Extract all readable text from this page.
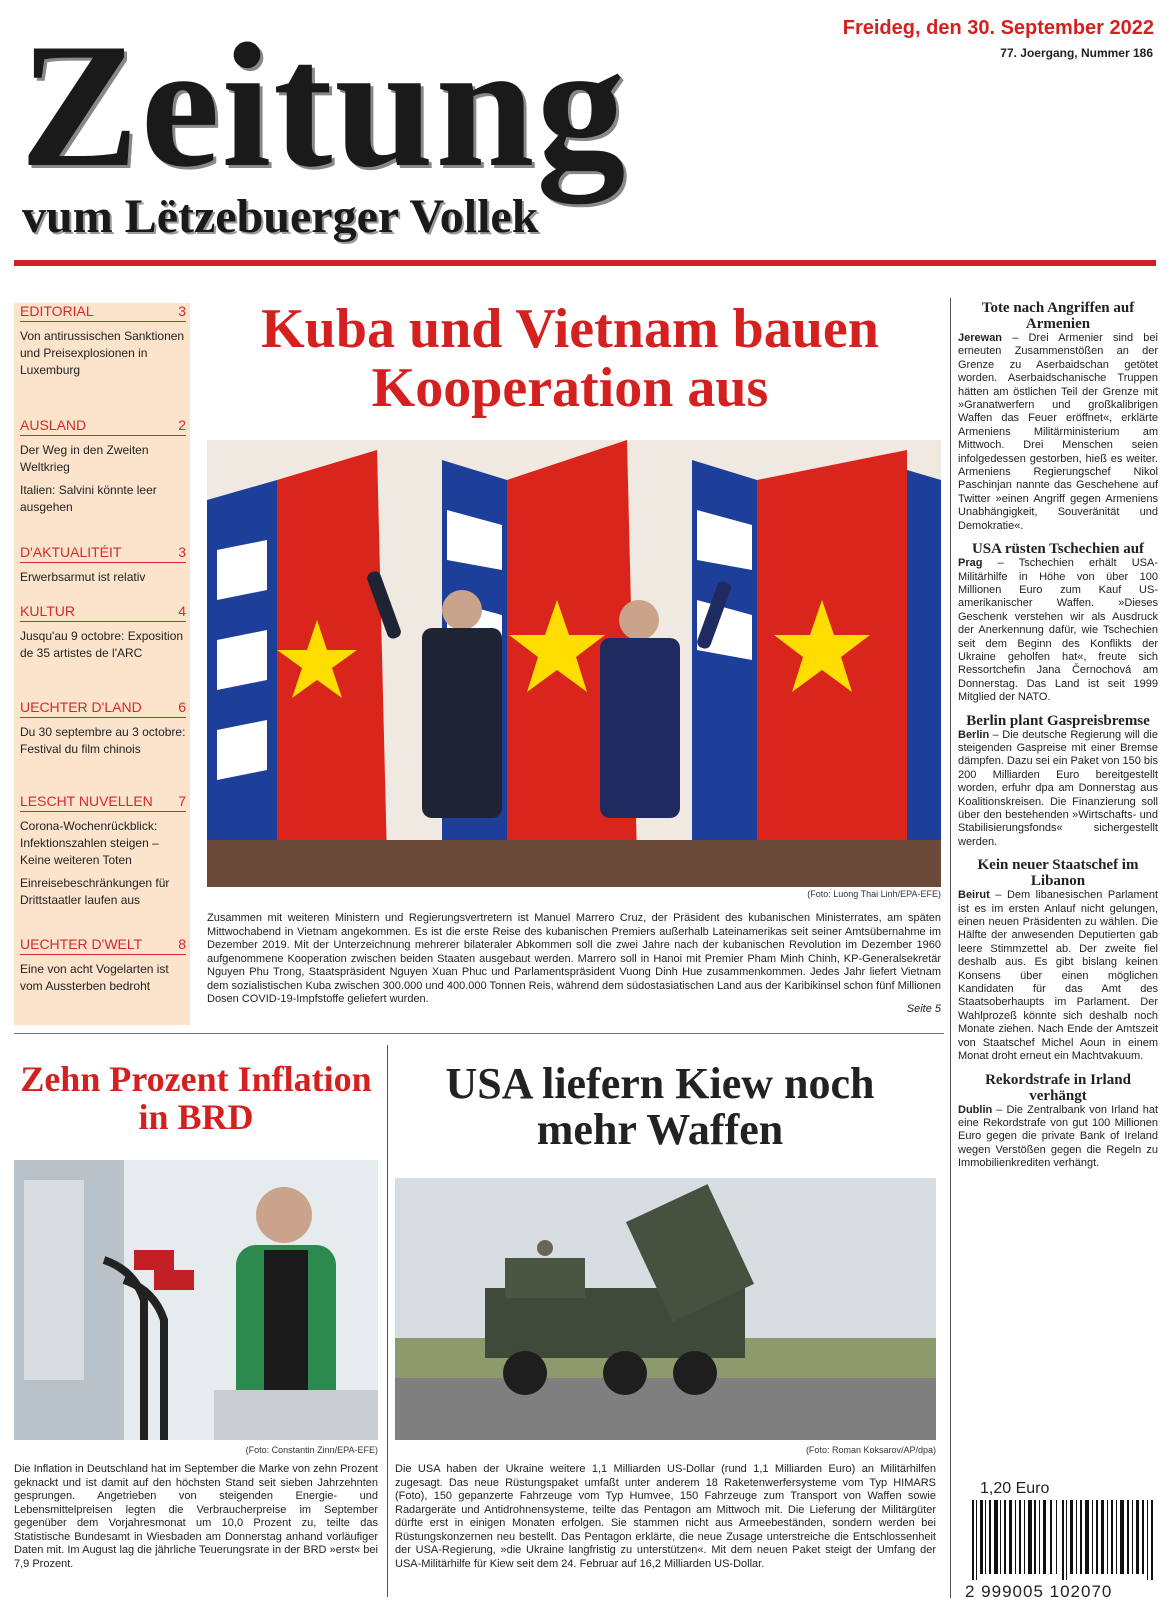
Zeitung
vum Lëtzebuerger Vollek
Freideg, den 30. September 2022
77. Joergang, Nummer 186
EDITORIAL	3
Von antirussischen Sanktionen und Preisexplosionen in Luxemburg
AUSLAND	2
Der Weg in den Zweiten Weltkrieg
Italien: Salvini könnte leer ausgehen
D'AKTUALITÉIT	3
Erwerbsarmut ist relativ
KULTUR	4
Jusqu'au 9 octobre: Exposition de 35 artistes de l'ARC
UECHTER D'LAND	6
Du 30 septembre au 3 octobre: Festival du film chinois
LESCHT NUVELLEN 7
Corona-Wochenrückblick: Infektionszahlen steigen – Keine weiteren Toten
Einreisebeschränkungen für Drittstaatler laufen aus
UECHTER D'WELT	8
Eine von acht Vogelarten ist vom Aussterben bedroht
Kuba und Vietnam bauen Kooperation aus
(Foto: Luong Thai Linh/EPA-EFE)
Zusammen mit weiteren Ministern und Regierungsvertretern ist Manuel Marrero Cruz, der Präsident des kubanischen Ministerrates, am späten Mittwochabend in Vietnam angekommen. Es ist die erste Reise des kubanischen Premiers außerhalb Lateinamerikas seit seiner Amtsübernahme im Dezember 2019. Mit der Unterzeichnung mehrerer bilateraler Abkommen soll die zwei Jahre nach der kubanischen Revolution im Dezember 1960 aufgenommene Kooperation zwischen beiden Staaten ausgebaut werden. Marrero soll in Hanoi mit Premier Pham Minh Chinh, KP-Generalsekretär Nguyen Phu Trong, Staatspräsident Nguyen Xuan Phuc und Parlamentspräsident Vuong Dinh Hue zusammenkommen. Jedes Jahr liefert Vietnam dem sozialistischen Kuba zwischen 300.000 und 400.000 Tonnen Reis, während dem südostasiatischen Land aus der Karibikinsel schon fünf Millionen Dosen COVID-19-Impfstoffe geliefert wurden.
Seite 5
Tote nach Angriffen auf Armenien
Jerewan – Drei Armenier sind bei erneuten Zusammenstößen an der Grenze zu Aserbaidschan getötet worden. Aserbaidschanische Truppen hätten am östlichen Teil der Grenze mit »Granatwerfern und großkalibrigen Waffen das Feuer eröffnet«, erklärte Armeniens Militärministerium am Mittwoch. Drei Menschen seien infolgedessen gestorben, hieß es weiter. Armeniens Regierungschef Nikol Paschinjan nannte das Geschehene auf Twitter »einen Angriff gegen Armeniens Unabhängigkeit, Souveränität und Demokratie«.
USA rüsten Tschechien auf
Prag – Tschechien erhält USA-Militärhilfe in Höhe von über 100 Millionen Euro zum Kauf US-amerikanischer Waffen. »Dieses Geschenk verstehen wir als Ausdruck der Anerkennung dafür, wie Tschechien seit dem Beginn des Konflikts der Ukraine geholfen hat«, freute sich Ressortchefin Jana Černochová am Donnerstag. Das Land ist seit 1999 Mitglied der NATO.
Berlin plant Gaspreisbremse
Berlin – Die deutsche Regierung will die steigenden Gaspreise mit einer Bremse dämpfen. Dazu sei ein Paket von 150 bis 200 Milliarden Euro bereitgestellt worden, erfuhr dpa am Donnerstag aus Koalitionskreisen. Die Finanzierung soll über den bestehenden »Wirtschafts- und Stabilisierungsfonds« sichergestellt werden.
Kein neuer Staatschef im Libanon
Beirut – Dem libanesischen Parlament ist es im ersten Anlauf nicht gelungen, einen neuen Präsidenten zu wählen. Die Hälfte der anwesenden Deputierten gab leere Stimmzettel ab. Der zweite fiel deshalb aus. Es gibt bislang keinen Konsens über einen möglichen Kandidaten für das Amt des Staatsoberhaupts im Parlament. Der Wahlprozeß könnte sich deshalb noch Monate ziehen. Nach Ende der Amtszeit von Staatschef Michel Aoun in einem Monat droht erneut ein Machtvakuum.
Rekordstrafe in Irland verhängt
Dublin – Die Zentralbank von Irland hat eine Rekordstrafe von gut 100 Millionen Euro gegen die private Bank of Ireland wegen Verstößen gegen die Regeln zu Immobilienkrediten verhängt.
Zehn Prozent Inflation in BRD
(Foto: Constantin Zinn/EPA-EFE)
Die Inflation in Deutschland hat im September die Marke von zehn Prozent geknackt und ist damit auf den höchsten Stand seit sieben Jahrzehnten gesprungen. Angetrieben von steigenden Energie- und Lebensmittelpreisen legten die Verbraucherpreise im September gegenüber dem Vorjahresmonat um 10,0 Prozent zu, teilte das Statistische Bundesamt in Wiesbaden am Donnerstag anhand vorläufiger Daten mit. Im August lag die jährliche Teuerungsrate in der BRD »erst« bei 7,9 Prozent.
USA liefern Kiew noch mehr Waffen
(Foto: Roman Koksarov/AP/dpa)
Die USA haben der Ukraine weitere 1,1 Milliarden US-Dollar (rund 1,1 Milliarden Euro) an Militärhilfen zugesagt. Das neue Rüstungspaket umfaßt unter anderem 18 Raketenwerfersysteme vom Typ HIMARS (Foto), 150 gepanzerte Fahrzeuge vom Typ Humvee, 150 Fahrzeuge zum Transport von Waffen sowie Radargeräte und Antidrohnensysteme, teilte das Pentagon am Mittwoch mit. Die Lieferung der Militärgüter dürfte erst in einigen Monaten erfolgen. Sie stammen nicht aus Armeebeständen, sondern werden bei Rüstungskonzernen neu bestellt. Das Pentagon erklärte, die neue Zusage unterstreiche die Entschlossenheit der USA-Regierung, »die Ukraine langfristig zu unterstützen«. Mit dem neuen Paket steigt der Umfang der USA-Militärhilfe für Kiew seit dem 24. Februar auf 16,2 Milliarden US-Dollar.
1,20 Euro
2 999005 102070
